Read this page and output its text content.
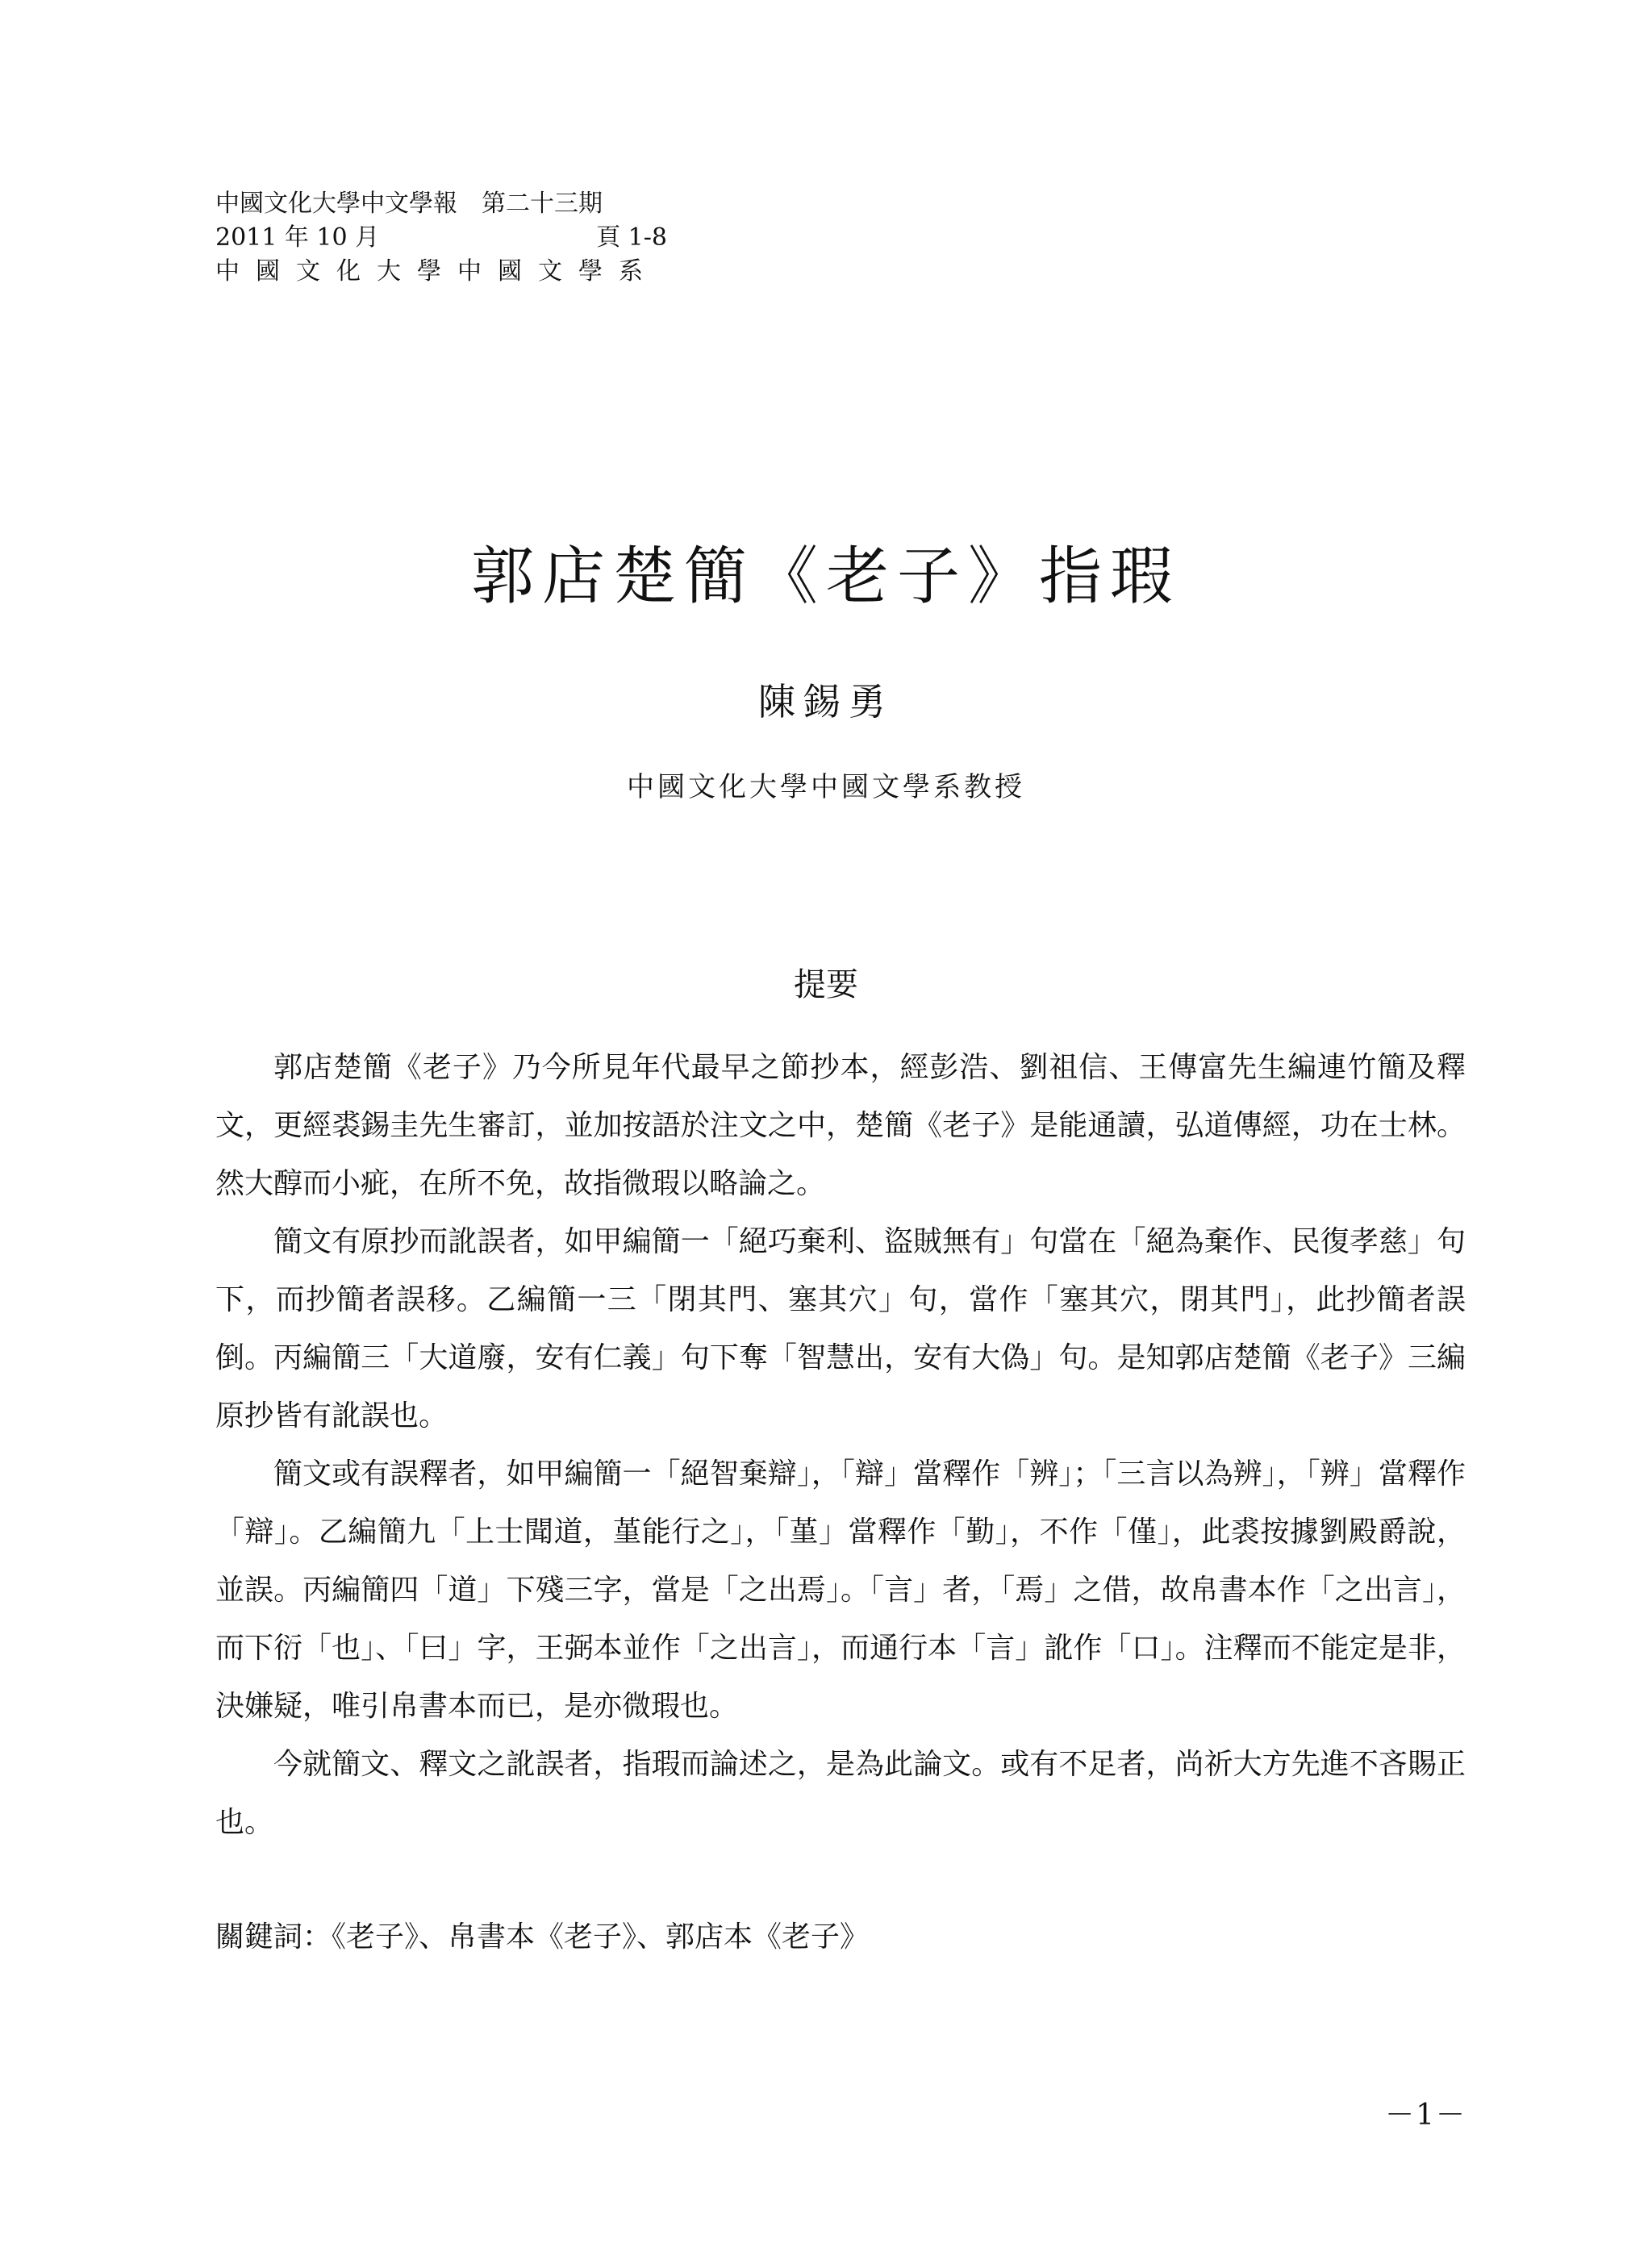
中國文化大學中文學報　第二十三期
2011 年 10 月	頁 1-8
中國文化大學中國文學系
郭店楚簡《老子》指瑕
陳錫勇
中國文化大學中國文學系教授
提要

郭店楚簡《老子》乃今所見年代最早之節抄本，經彭浩、劉祖信、王傳富先生編連竹簡及釋文，更經裘錫圭先生審訂，並加按語於注文之中，楚簡《老子》是能通讀，弘道傳經，功在士林。然大醇而小疵，在所不免，故指微瑕以略論之。

簡文有原抄而訛誤者，如甲編簡一「絕巧棄利、盜賊無有」句當在「絕為棄作、民復孝慈」句下，而抄簡者誤移。乙編簡一三「閉其門、塞其穴」句，當作「塞其穴，閉其門」，此抄簡者誤倒。丙編簡三「大道廢，安有仁義」句下奪「智慧出，安有大偽」句。是知郭店楚簡《老子》三編原抄皆有訛誤也。

簡文或有誤釋者，如甲編簡一「絕智棄辯」，「辯」當釋作「辨」；「三言以為辨」，「辨」當釋作「辯」。乙編簡九「上士聞道，堇能行之」，「堇」當釋作「勤」，不作「僅」，此裘按據劉殿爵說，並誤。丙編簡四「道」下殘三字，當是「之出焉」。「言」者，「焉」之借，故帛書本作「之出言」，而下衍「也」、「曰」字，王弼本並作「之出言」，而通行本「言」訛作「口」。注釋而不能定是非，決嫌疑，唯引帛書本而已，是亦微瑕也。

今就簡文、釋文之訛誤者，指瑕而論述之，是為此論文。或有不足者，尚祈大方先進不吝賜正也。

關鍵詞：《老子》、帛書本《老子》、郭店本《老子》
－1－
